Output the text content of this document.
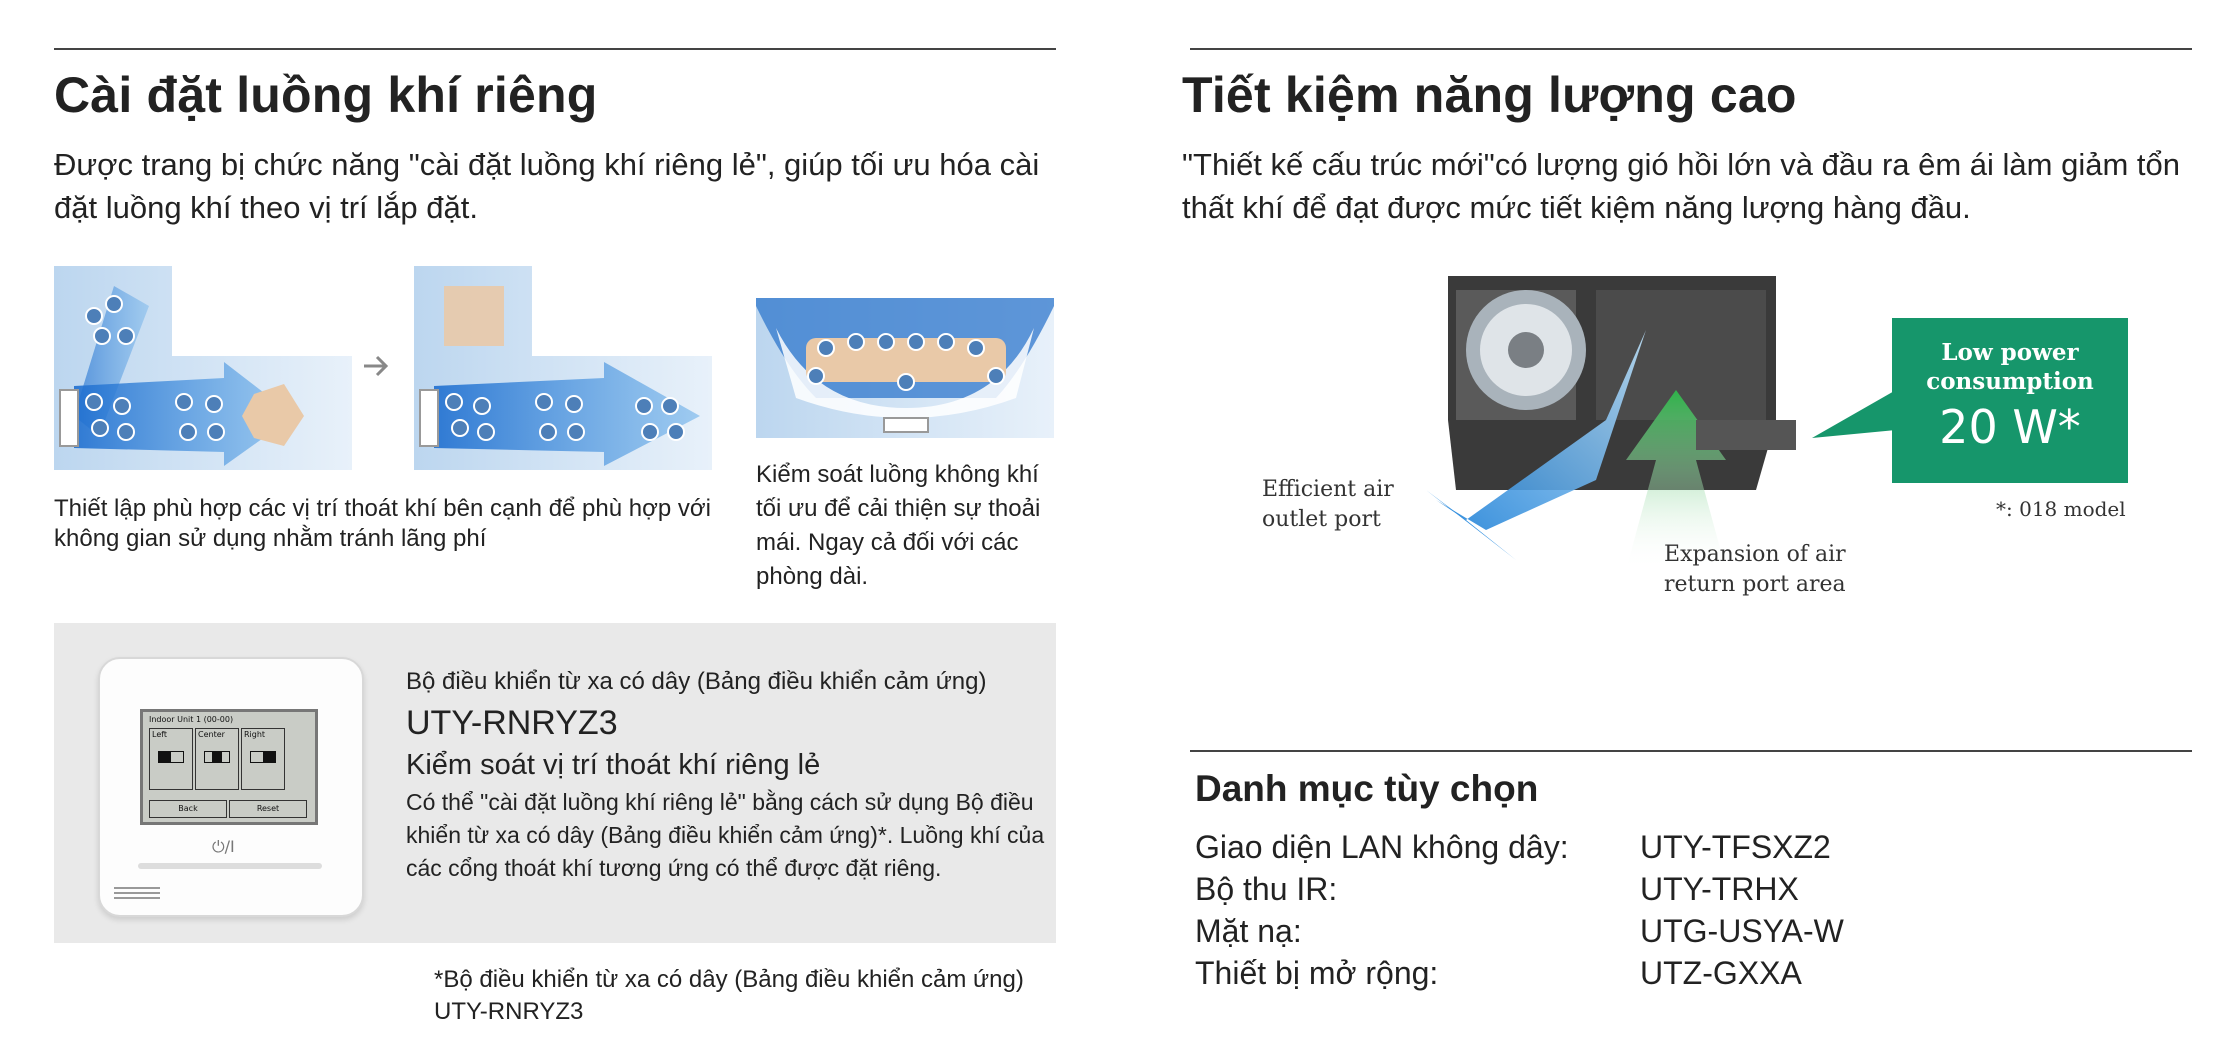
Cài đặt luồng khí riêng
Được trang bị chức năng "cài đặt luồng khí riêng lẻ", giúp tối ưu hóa cài đặt luồng khí theo vị trí lắp đặt.
Thiết lập phù hợp các vị trí thoát khí bên cạnh để phù hợp với không gian sử dụng nhằm tránh lãng phí
Kiểm soát luồng không khí tối ưu để cải thiện sự thoải mái. Ngay cả đối với các phòng dài.
Indoor Unit 1 (00-00)
Left	Center Right
Back	Reset
⏻/I
Bộ điều khiển từ xa có dây (Bảng điều khiển cảm ứng)
UTY-RNRYZ3
Kiểm soát vị trí thoát khí riêng lẻ
Có thể "cài đặt luồng khí riêng lẻ" bằng cách sử dụng Bộ điều khiển từ xa có dây (Bảng điều khiển cảm ứng)*. Luồng khí của các cổng thoát khí tương ứng có thể được đặt riêng.
*Bộ điều khiển từ xa có dây (Bảng điều khiển cảm ứng)
UTY-RNRYZ3
Tiết kiệm năng lượng cao
"Thiết kế cấu trúc mới"có lượng gió hồi lớn và đầu ra êm ái làm giảm tổn thất khí để đạt được mức tiết kiệm năng lượng hàng đầu.
Efficient air
outlet port
Expansion of air
return port area
Low power
consumption
20 W*
*: 018 model
Danh mục tùy chọn
Giao diện LAN không dây:	UTY-TFSXZ2
Bộ thu IR:	UTY-TRHX
Mặt nạ:	UTG-USYA-W
Thiết bị mở rộng:	UTZ-GXXA
